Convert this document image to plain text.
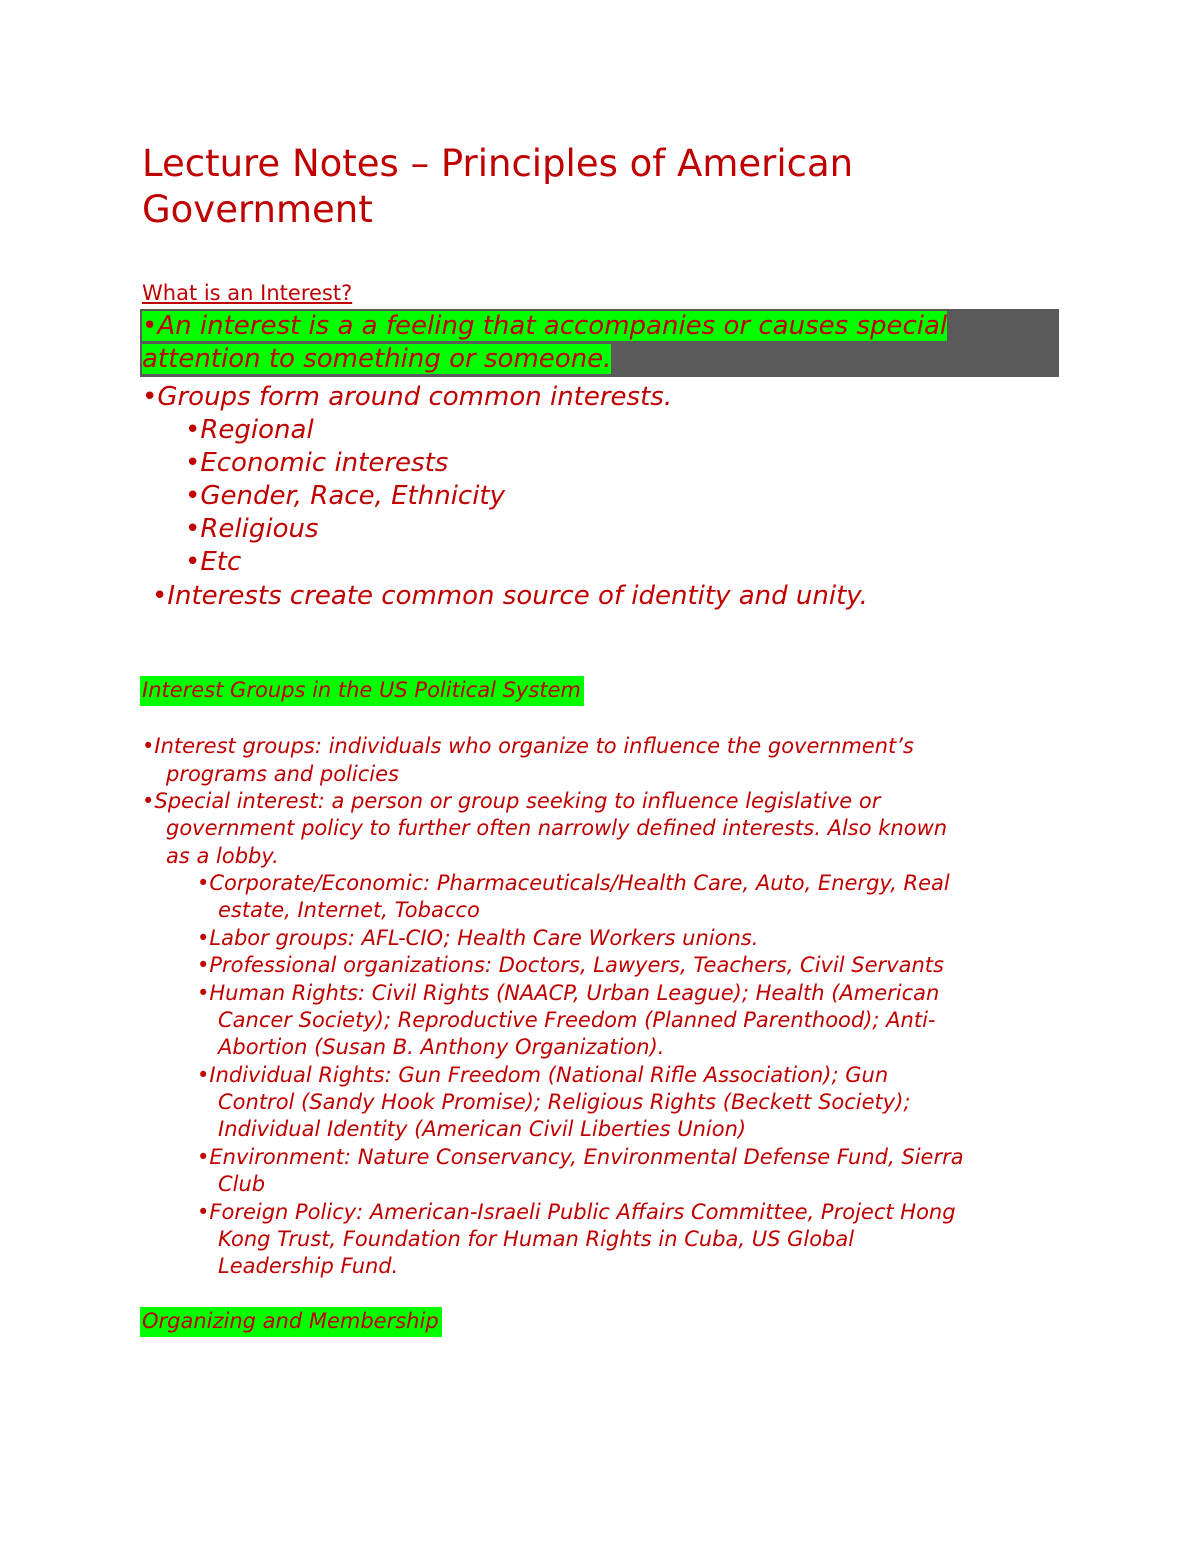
Lecture Notes – Principles of American
Government
What is an Interest?
•An interest is a a feeling that accompanies or causes special
attention to something or someone.
•Groups form around common interests.
•Regional
•Economic interests
•Gender, Race, Ethnicity
•Religious
•Etc
•Interests create common source of identity and unity.
Interest Groups in the US Political System
•Interest groups: individuals who organize to influence the government’s
programs and policies
•Special interest: a person or group seeking to influence legislative or
government policy to further often narrowly defined interests. Also known
as a lobby.
•Corporate/Economic: Pharmaceuticals/Health Care, Auto, Energy, Real
estate, Internet, Tobacco
•Labor groups: AFL-CIO; Health Care Workers unions.
•Professional organizations: Doctors, Lawyers, Teachers, Civil Servants
•Human Rights: Civil Rights (NAACP, Urban League); Health (American
Cancer Society); Reproductive Freedom (Planned Parenthood); Anti-
Abortion (Susan B. Anthony Organization).
•Individual Rights: Gun Freedom (National Rifle Association); Gun
Control (Sandy Hook Promise); Religious Rights (Beckett Society);
Individual Identity (American Civil Liberties Union)
•Environment: Nature Conservancy, Environmental Defense Fund, Sierra
Club
•Foreign Policy: American-Israeli Public Affairs Committee, Project Hong
Kong Trust, Foundation for Human Rights in Cuba, US Global
Leadership Fund.
Organizing and Membership
